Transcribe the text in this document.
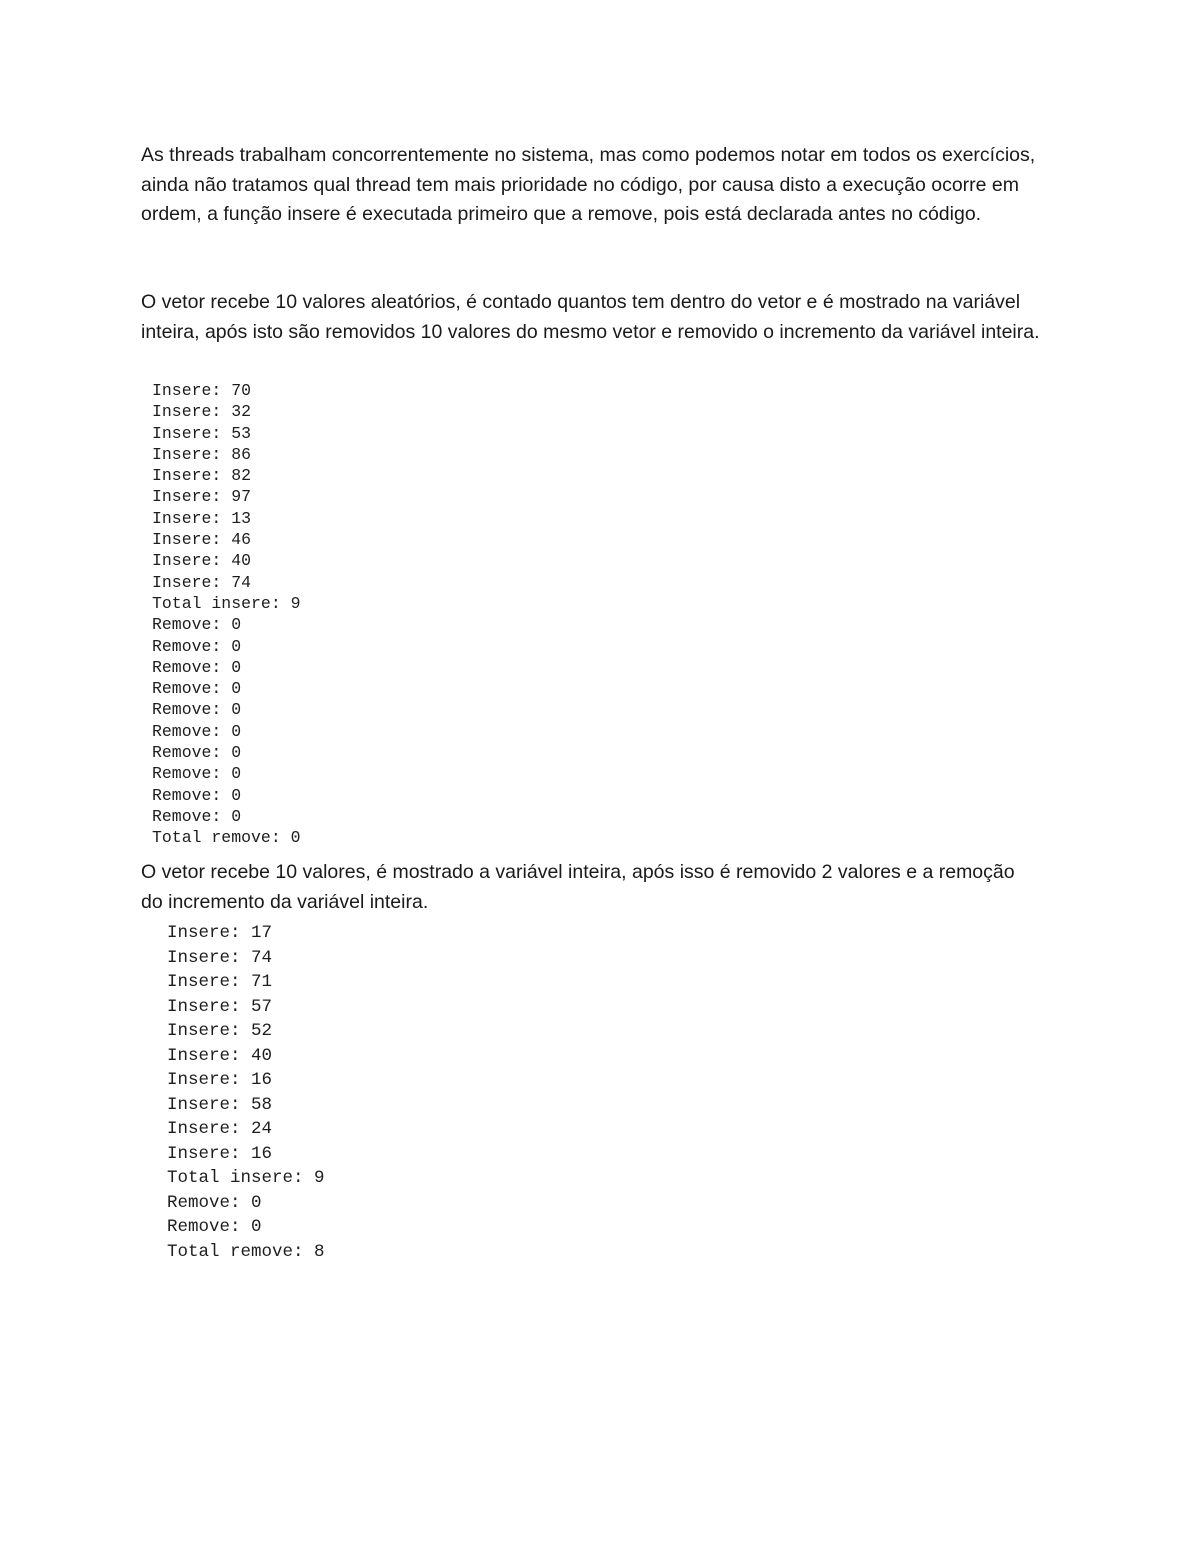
As threads trabalham concorrentemente no sistema, mas como podemos notar em todos os exercícios, ainda não tratamos qual thread tem mais prioridade no código, por causa disto a execução ocorre em ordem, a função insere é executada primeiro que a remove, pois está declarada antes no código.

O vetor recebe 10 valores aleatórios, é contado quantos tem dentro do vetor e é mostrado na variável inteira, após isto são removidos 10 valores do mesmo vetor e removido o incremento da variável inteira.

Insere: 70
Insere: 32
Insere: 53
Insere: 86
Insere: 82
Insere: 97
Insere: 13
Insere: 46
Insere: 40
Insere: 74
Total insere: 9
Remove: 0
Remove: 0
Remove: 0
Remove: 0
Remove: 0
Remove: 0
Remove: 0
Remove: 0
Remove: 0
Remove: 0
Total remove: 0

O vetor recebe 10 valores, é mostrado a variável inteira, após isso é removido 2 valores e a remoção do incremento da variável inteira.

Insere: 17
Insere: 74
Insere: 71
Insere: 57
Insere: 52
Insere: 40
Insere: 16
Insere: 58
Insere: 24
Insere: 16
Total insere: 9
Remove: 0
Remove: 0
Total remove: 8
